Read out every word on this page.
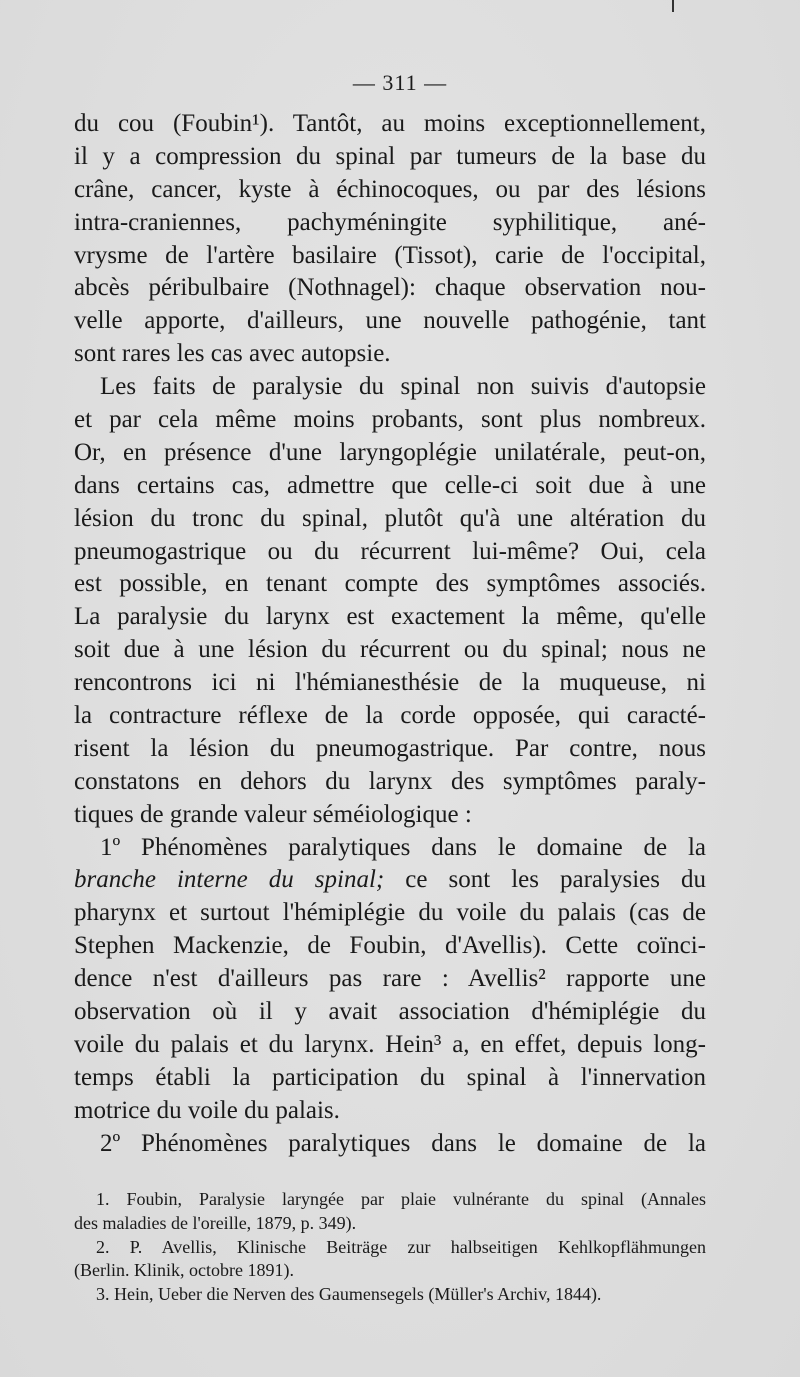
— 311 —
du cou (Foubin¹). Tantôt, au moins exceptionnellement,
il y a compression du spinal par tumeurs de la base du
crâne, cancer, kyste à échinocoques, ou par des lésions
intra-craniennes, pachyméningite syphilitique, ané-
vrysme de l'artère basilaire (Tissot), carie de l'occipital,
abcès péribulbaire (Nothnagel): chaque observation nou-
velle apporte, d'ailleurs, une nouvelle pathogénie, tant
sont rares les cas avec autopsie.
Les faits de paralysie du spinal non suivis d'autopsie
et par cela même moins probants, sont plus nombreux.
Or, en présence d'une laryngoplégie unilatérale, peut-on,
dans certains cas, admettre que celle-ci soit due à une
lésion du tronc du spinal, plutôt qu'à une altération du
pneumogastrique ou du récurrent lui-même? Oui, cela
est possible, en tenant compte des symptômes associés.
La paralysie du larynx est exactement la même, qu'elle
soit due à une lésion du récurrent ou du spinal; nous ne
rencontrons ici ni l'hémianesthésie de la muqueuse, ni
la contracture réflexe de la corde opposée, qui caracté-
risent la lésion du pneumogastrique. Par contre, nous
constatons en dehors du larynx des symptômes paraly-
tiques de grande valeur séméiologique :
1º Phénomènes paralytiques dans le domaine de la
branche interne du spinal; ce sont les paralysies du
pharynx et surtout l'hémiplégie du voile du palais (cas de
Stephen Mackenzie, de Foubin, d'Avellis). Cette coïnci-
dence n'est d'ailleurs pas rare : Avellis² rapporte une
observation où il y avait association d'hémiplégie du
voile du palais et du larynx. Hein³ a, en effet, depuis long-
temps établi la participation du spinal à l'innervation
motrice du voile du palais.
2º Phénomènes paralytiques dans le domaine de la
1. Foubin, Paralysie laryngée par plaie vulnérante du spinal (Annales
des maladies de l'oreille, 1879, p. 349).
2. P. Avellis, Klinische Beiträge zur halbseitigen Kehlkopflähmungen
(Berlin. Klinik, octobre 1891).
3. Hein, Ueber die Nerven des Gaumensegels (Müller's Archiv, 1844).
